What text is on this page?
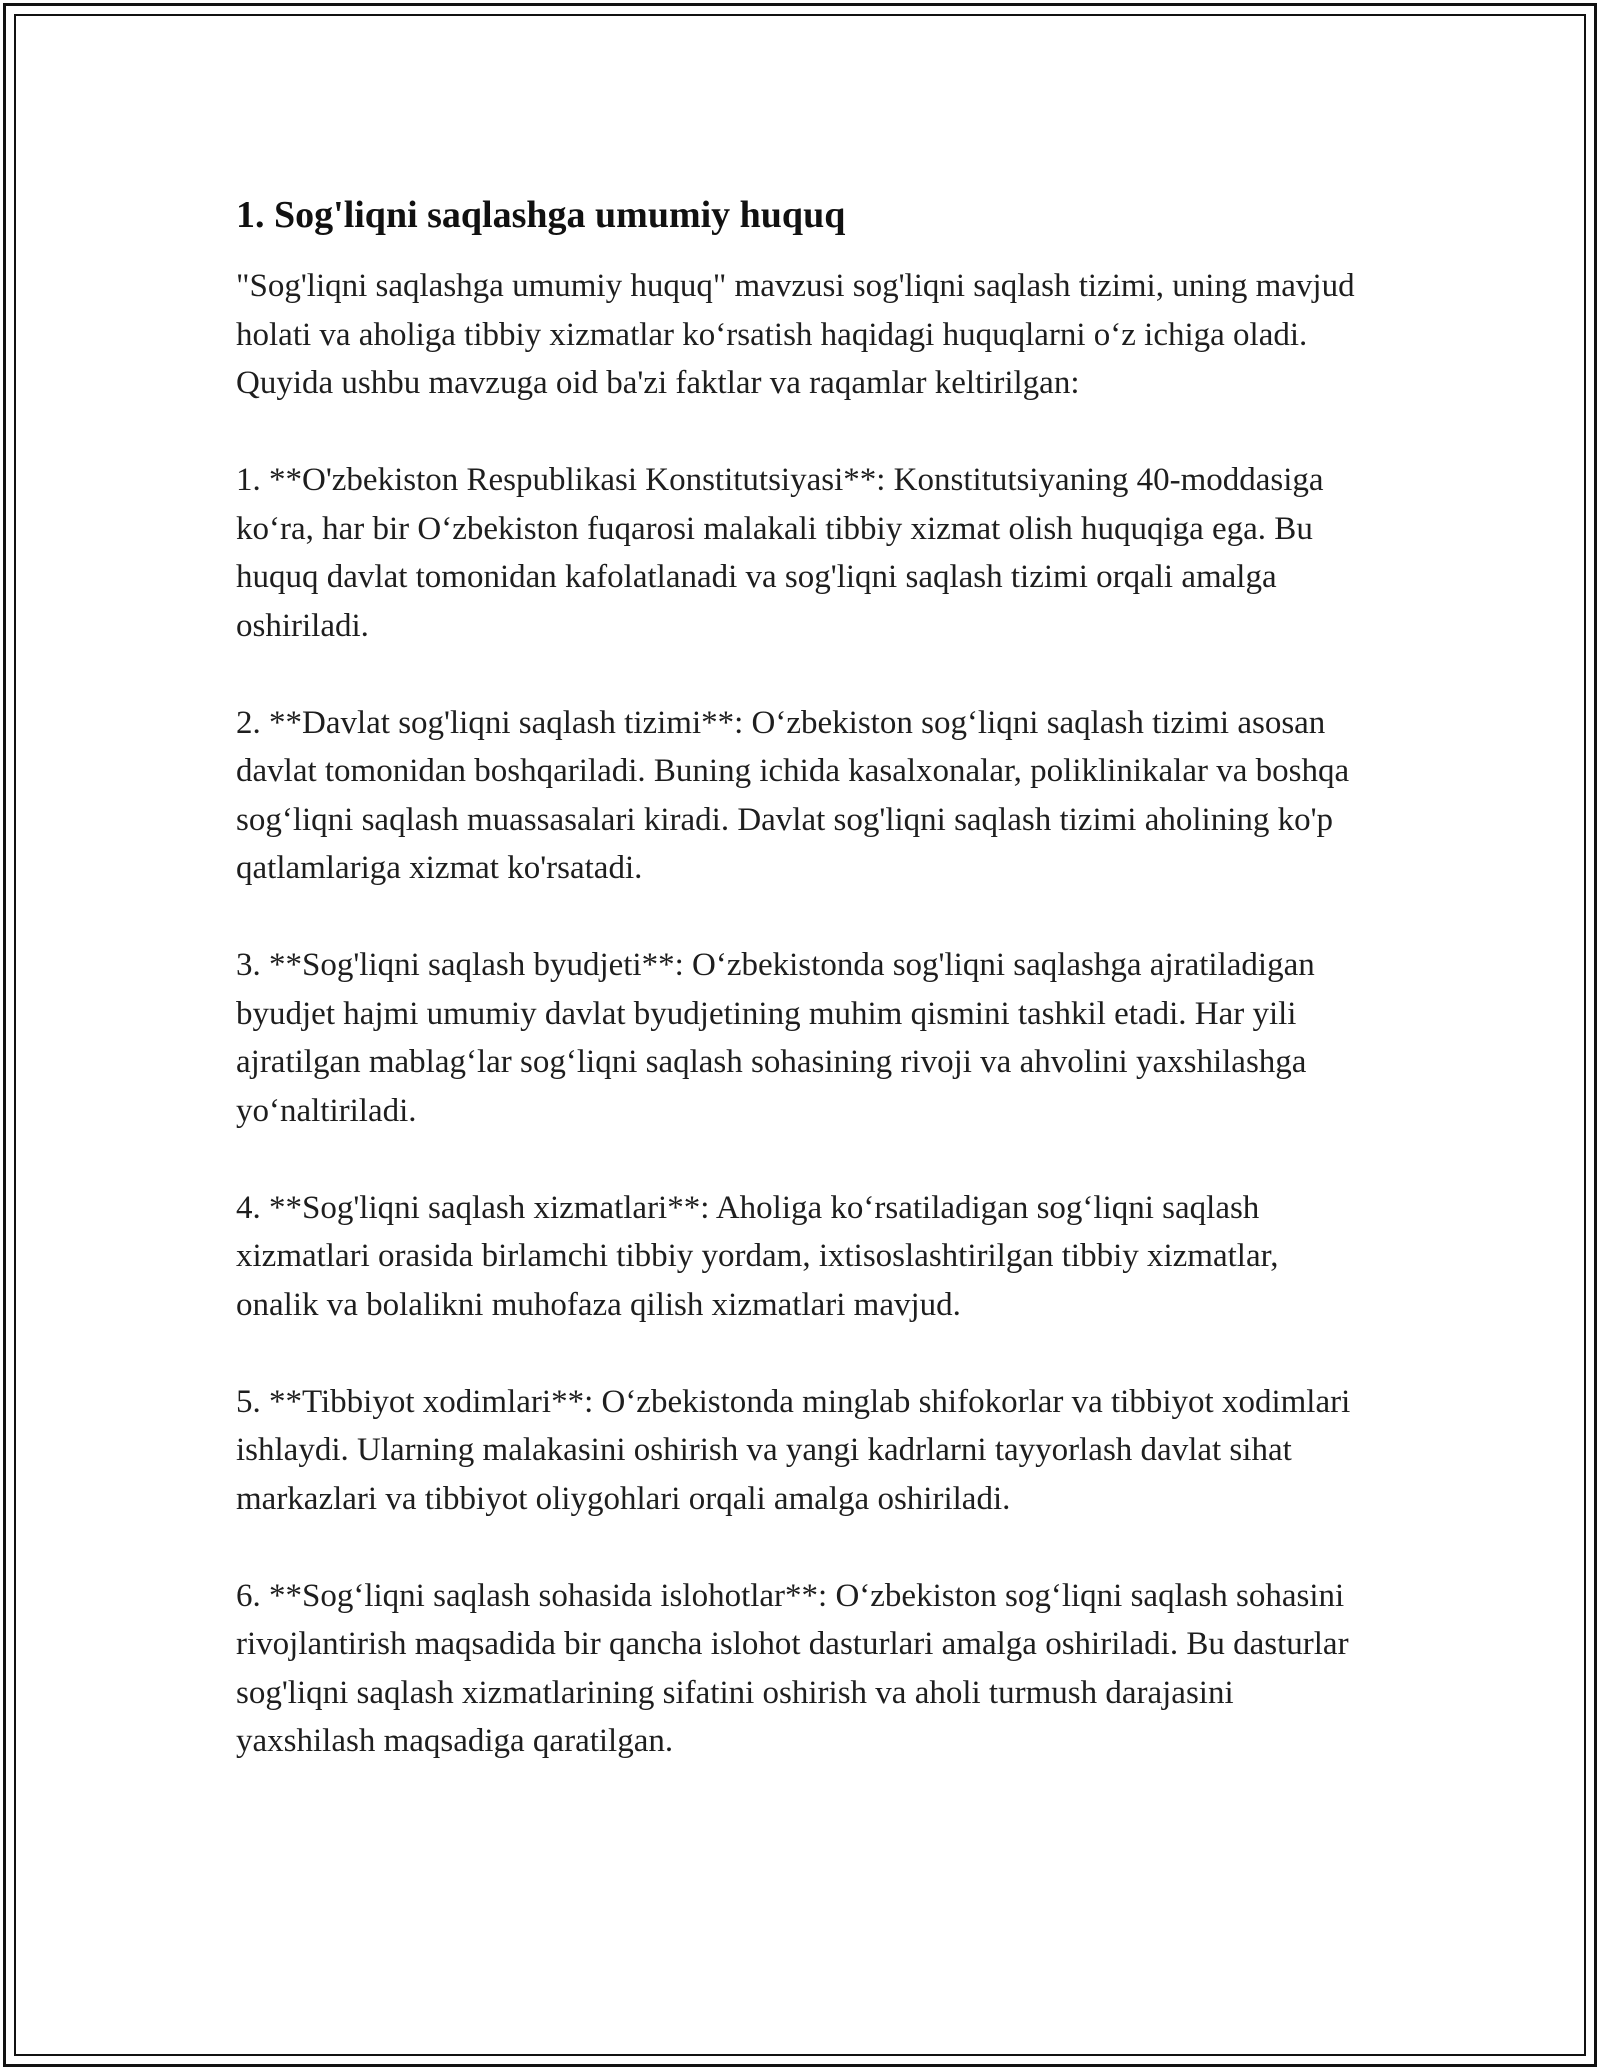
1. Sog'liqni saqlashga umumiy huquq

"Sog'liqni saqlashga umumiy huquq" mavzusi sog'liqni saqlash tizimi, uning mavjud holati va aholiga tibbiy xizmatlar ko‘rsatish haqidagi huquqlarni o‘z ichiga oladi. Quyida ushbu mavzuga oid ba'zi faktlar va raqamlar keltirilgan:

1. **O'zbekiston Respublikasi Konstitutsiyasi**: Konstitutsiyaning 40-moddasiga ko‘ra, har bir O‘zbekiston fuqarosi malakali tibbiy xizmat olish huquqiga ega. Bu huquq davlat tomonidan kafolatlanadi va sog'liqni saqlash tizimi orqali amalga oshiriladi.

2. **Davlat sog'liqni saqlash tizimi**: O‘zbekiston sog‘liqni saqlash tizimi asosan davlat tomonidan boshqariladi. Buning ichida kasalxonalar, poliklinikalar va boshqa sog‘liqni saqlash muassasalari kiradi. Davlat sog'liqni saqlash tizimi aholining ko'p qatlamlariga xizmat ko'rsatadi.

3. **Sog'liqni saqlash byudjeti**: O‘zbekistonda sog'liqni saqlashga ajratiladigan byudjet hajmi umumiy davlat byudjetining muhim qismini tashkil etadi. Har yili ajratilgan mablag‘lar sog‘liqni saqlash sohasining rivoji va ahvolini yaxshilashga yo‘naltiriladi.

4. **Sog'liqni saqlash xizmatlari**: Aholiga ko‘rsatiladigan sog‘liqni saqlash xizmatlari orasida birlamchi tibbiy yordam, ixtisoslashtirilgan tibbiy xizmatlar, onalik va bolalikni muhofaza qilish xizmatlari mavjud.

5. **Tibbiyot xodimlari**: O‘zbekistonda minglab shifokorlar va tibbiyot xodimlari ishlaydi. Ularning malakasini oshirish va yangi kadrlarni tayyorlash davlat sihat markazlari va tibbiyot oliygohlari orqali amalga oshiriladi.

6. **Sog‘liqni saqlash sohasida islohotlar**: O‘zbekiston sog‘liqni saqlash sohasini rivojlantirish maqsadida bir qancha islohot dasturlari amalga oshiriladi. Bu dasturlar sog'liqni saqlash xizmatlarining sifatini oshirish va aholi turmush darajasini yaxshilash maqsadiga qaratilgan.
